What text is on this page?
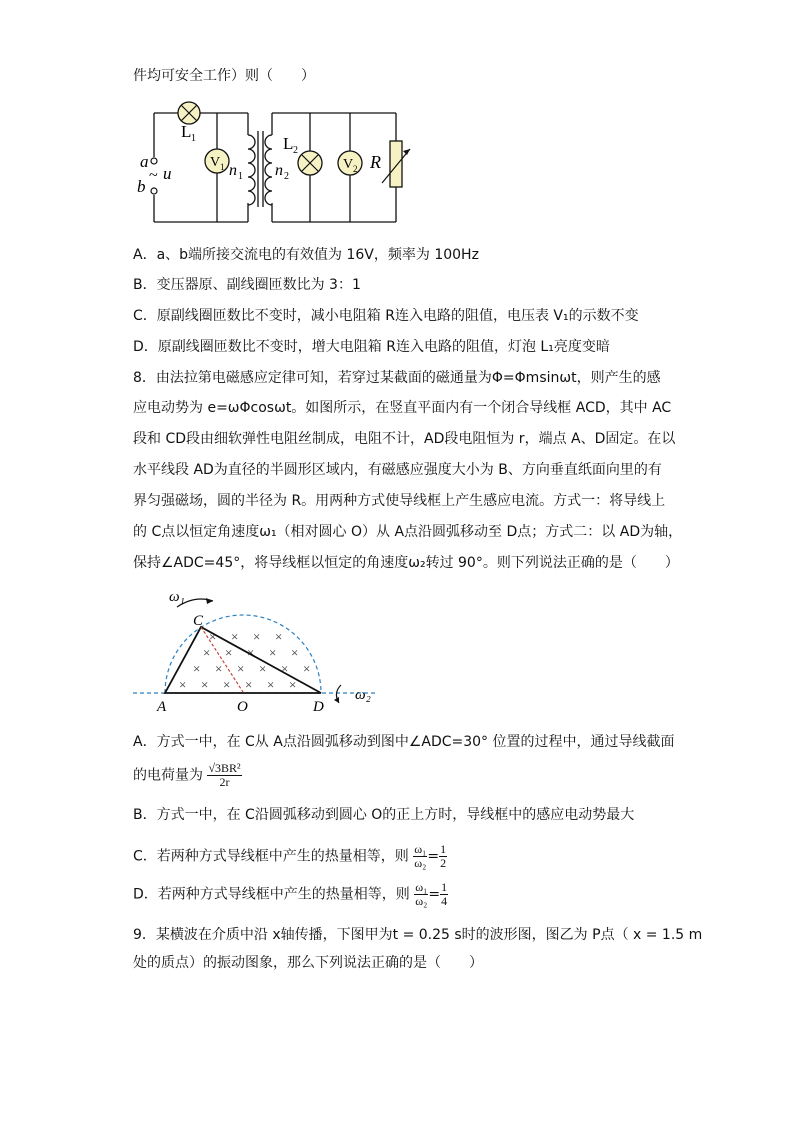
件均可安全工作）则（　　）
V 1	V 2 R
L 1	L 2
n 1 n 2
a
~ u
b
A．a、b端所接交流电的有效值为 16V，频率为 100Hz
B．变压器原、副线圈匝数比为 3：1
C．原副线圈匝数比不变时，减小电阻箱 R连入电路的阻值，电压表 V₁的示数不变
D．原副线圈匝数比不变时，增大电阻箱 R连入电路的阻值，灯泡 L₁亮度变暗
8．由法拉第电磁感应定律可知，若穿过某截面的磁通量为Φ=Φmsinωt，则产生的感
应电动势为 e=ωΦcosωt。如图所示，在竖直平面内有一个闭合导线框 ACD，其中 AC
段和 CD段由细软弹性电阻丝制成，电阻不计，AD段电阻恒为 r，端点 A、D固定。在以
水平线段 AD为直径的半圆形区域内，有磁感应强度大小为 B、方向垂直纸面向里的有
界匀强磁场，圆的半径为 R。用两种方式使导线框上产生感应电流。方式一：将导线上
的 C点以恒定角速度ω₁（相对圆心 O）从 A点沿圆弧移动至 D点；方式二：以 AD为轴，
保持∠ADC=45°，将导线框以恒定的角速度ω₂转过 90°。则下列说法正确的是（　　）
× × × ×
× × × × ×
× × × × × ×
× × × × × ×
ω₁
C
A	O	D
ω₂
A．方式一中，在 C从 A点沿圆弧移动到图中∠ADC=30° 位置的过程中，通过导线截面
的电荷量为 $\frac{\text{√3BR²}}{2r}$
B．方式一中，在 C沿圆弧移动到圆心 O的正上方时，导线框中的感应电动势最大
C．若两种方式导线框中产生的热量相等，则 $\frac{\text{ω₁}}{\text{ω₂}} = \frac{1}{2}$
D．若两种方式导线框中产生的热量相等，则 $\frac{\text{ω₁}}{\text{ω₂}} = \frac{1}{4}$
9．某横波在介质中沿 x轴传播，下图甲为t = 0.25 s时的波形图，图乙为 P点（ x = 1.5 m
处的质点）的振动图象，那么下列说法正确的是（　　）
